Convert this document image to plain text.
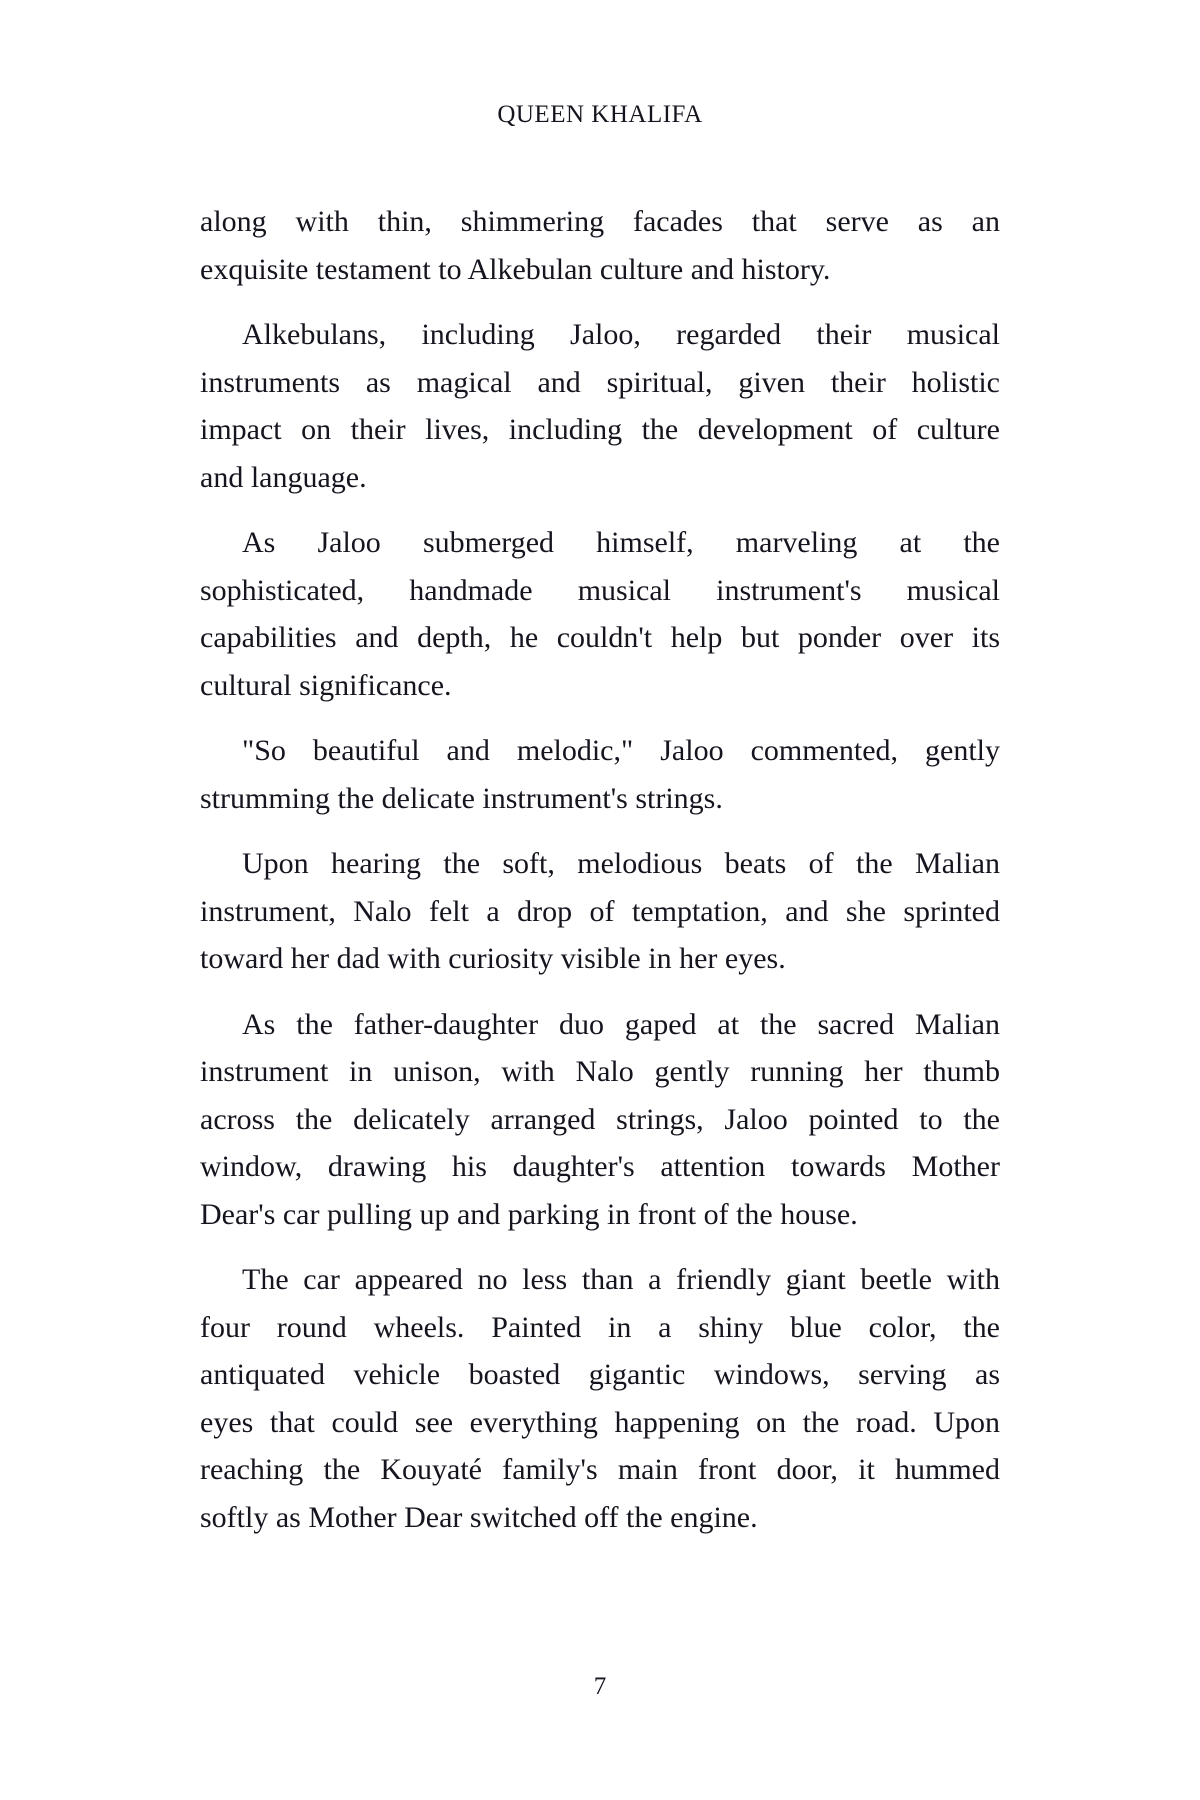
QUEEN KHALIFA
along with thin, shimmering facades that serve as an
exquisite testament to Alkebulan culture and history.
Alkebulans, including Jaloo, regarded their musical
instruments as magical and spiritual, given their holistic
impact on their lives, including the development of culture
and language.
As Jaloo submerged himself, marveling at the
sophisticated, handmade musical instrument's musical
capabilities and depth, he couldn't help but ponder over its
cultural significance.
"So beautiful and melodic," Jaloo commented, gently
strumming the delicate instrument's strings.
Upon hearing the soft, melodious beats of the Malian
instrument, Nalo felt a drop of temptation, and she sprinted
toward her dad with curiosity visible in her eyes.
As the father-daughter duo gaped at the sacred Malian
instrument in unison, with Nalo gently running her thumb
across the delicately arranged strings, Jaloo pointed to the
window, drawing his daughter's attention towards Mother
Dear's car pulling up and parking in front of the house.
The car appeared no less than a friendly giant beetle with
four round wheels. Painted in a shiny blue color, the
antiquated vehicle boasted gigantic windows, serving as
eyes that could see everything happening on the road. Upon
reaching the Kouyaté family's main front door, it hummed
softly as Mother Dear switched off the engine.
7
